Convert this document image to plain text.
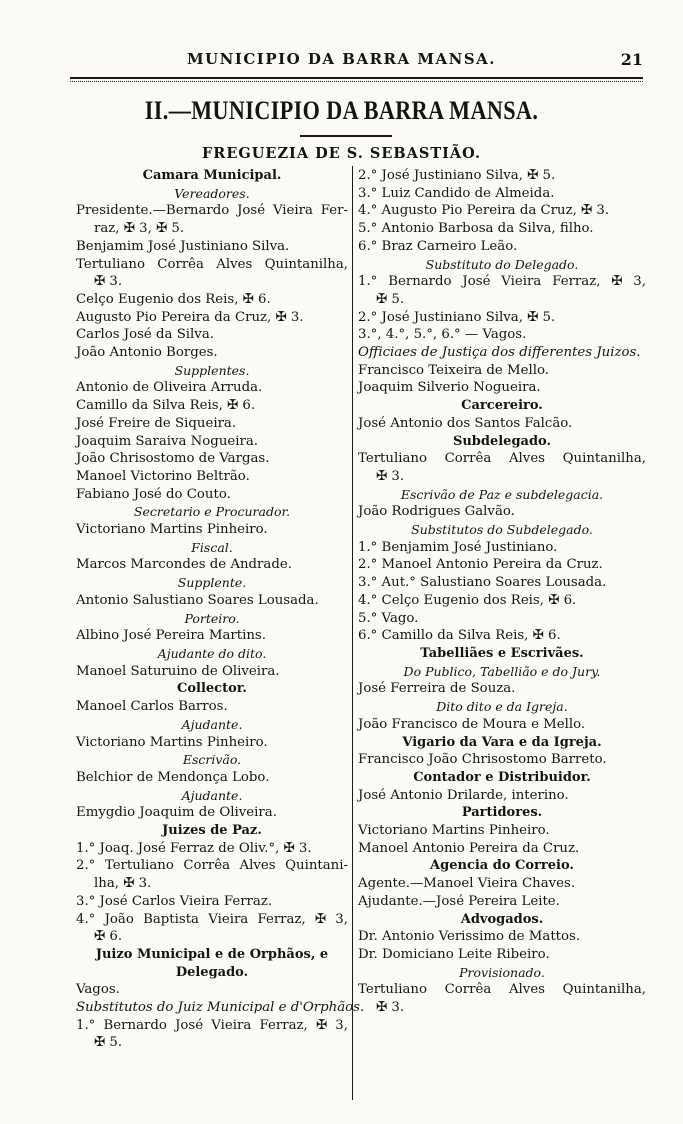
MUNICIPIO DA BARRA MANSA.	21
II.—MUNICIPIO DA BARRA MANSA.
FREGUEZIA DE S. SEBASTIÃO.
Camara Municipal.
Vereadores.
Presidente.—Bernardo José Vieira Fer-
raz, ✠ 3, ✠ 5.
Benjamim José Justiniano Silva.
Tertuliano Corrêa Alves Quintanilha,
✠ 3.
Celço Eugenio dos Reis, ✠ 6.
Augusto Pio Pereira da Cruz, ✠ 3.
Carlos José da Silva.
João Antonio Borges.
Supplentes.
Antonio de Oliveira Arruda.
Camillo da Silva Reis, ✠ 6.
José Freire de Siqueira.
Joaquim Saraiva Nogueira.
João Chrisostomo de Vargas.
Manoel Victorino Beltrão.
Fabiano José do Couto.
Secretario e Procurador.
Victoriano Martins Pinheiro.
Fiscal.
Marcos Marcondes de Andrade.
Supplente.
Antonio Salustiano Soares Lousada.
Porteiro.
Albino José Pereira Martins.
Ajudante do dito.
Manoel Saturuino de Oliveira.
Collector.
Manoel Carlos Barros.
Ajudante.
Victoriano Martins Pinheiro.
Escrivão.
Belchior de Mendonça Lobo.
Ajudante.
Emygdio Joaquim de Oliveira.
Juizes de Paz.
1.° Joaq. José Ferraz de Oliv.°, ✠ 3.
2.° Tertuliano Corrêa Alves Quintani-
lha, ✠ 3.
3.° José Carlos Vieira Ferraz.
4.° João Baptista Vieira Ferraz, ✠ 3,
✠ 6.
Juizo Municipal e de Orphãos, e
Delegado.
Vagos.
Substitutos do Juiz Municipal e d'Orphãos.
1.° Bernardo José Vieira Ferraz, ✠ 3,
✠ 5.
2.° José Justiniano Silva, ✠ 5.
3.° Luiz Candido de Almeida.
4.° Augusto Pio Pereira da Cruz, ✠ 3.
5.° Antonio Barbosa da Silva, filho.
6.° Braz Carneiro Leão.
Substituto do Delegado.
1.° Bernardo José Vieira Ferraz, ✠ 3,
✠ 5.
2.° José Justiniano Silva, ✠ 5.
3.°, 4.°, 5.°, 6.° — Vagos.
Officiaes de Justiça dos differentes Juizos.
Francisco Teixeira de Mello.
Joaquim Silverio Nogueira.
Carcereiro.
José Antonio dos Santos Falcão.
Subdelegado.
Tertuliano Corrêa Alves Quintanilha,
✠ 3.
Escrivão de Paz e subdelegacia.
João Rodrigues Galvão.
Substitutos do Subdelegado.
1.° Benjamim José Justiniano.
2.° Manoel Antonio Pereira da Cruz.
3.° Aut.° Salustiano Soares Lousada.
4.° Celço Eugenio dos Reis, ✠ 6.
5.° Vago.
6.° Camillo da Silva Reis, ✠ 6.
Tabelliães e Escrivães.
Do Publico, Tabellião e do Jury.
José Ferreira de Souza.
Dito dito e da Igreja.
João Francisco de Moura e Mello.
Vigario da Vara e da Igreja.
Francisco João Chrisostomo Barreto.
Contador e Distribuidor.
José Antonio Drilarde, interino.
Partidores.
Victoriano Martins Pinheiro.
Manoel Antonio Pereira da Cruz.
Agencia do Correio.
Agente.—Manoel Vieira Chaves.
Ajudante.—José Pereira Leite.
Advogados.
Dr. Antonio Verissimo de Mattos.
Dr. Domiciano Leite Ribeiro.
Provisionado.
Tertuliano Corrêa Alves Quintanilha,
✠ 3.
